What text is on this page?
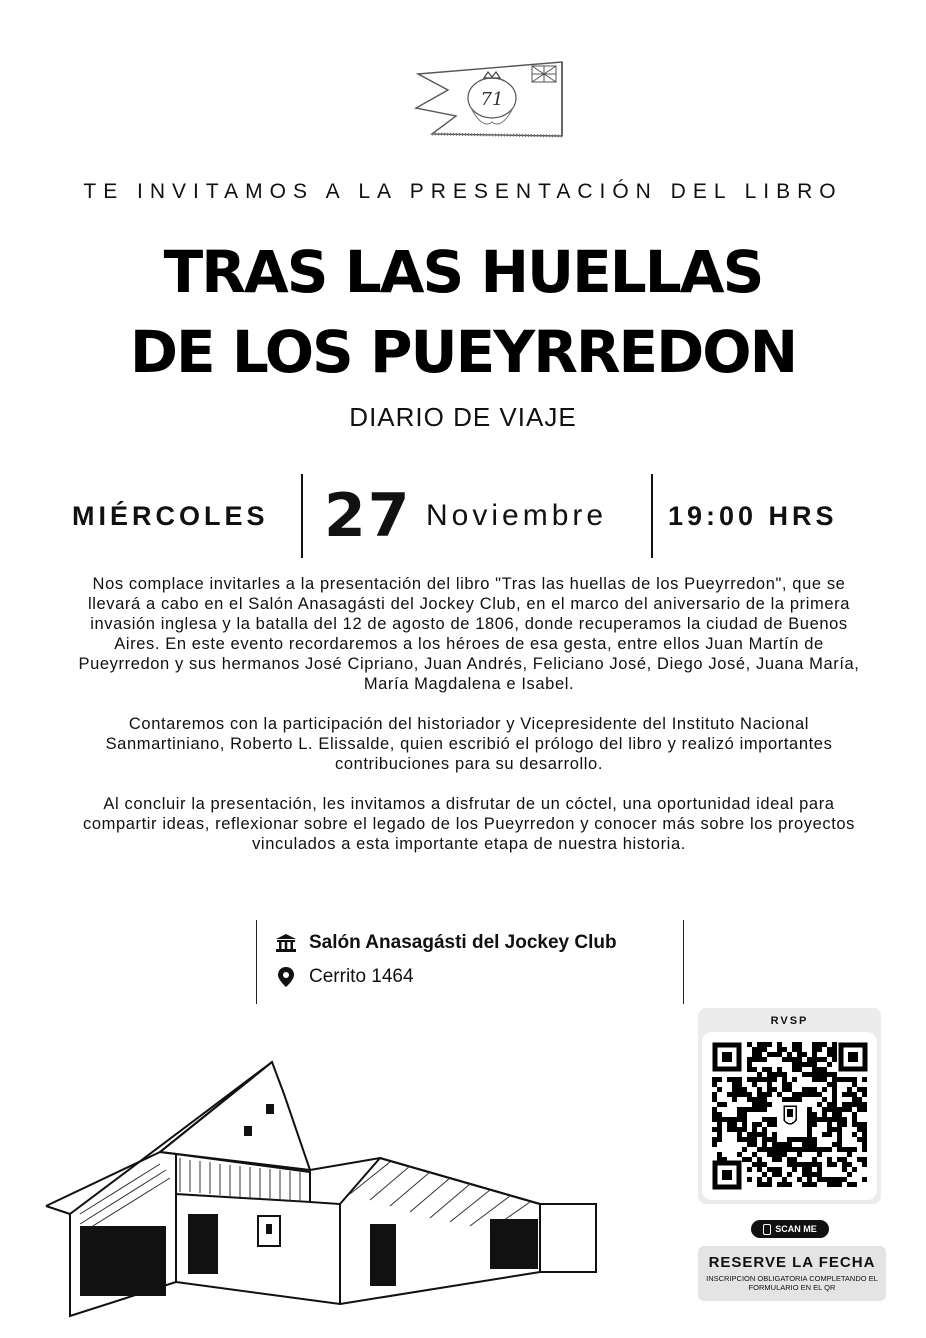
71
TE INVITAMOS A LA PRESENTACIÓN DEL LIBRO
TRAS LAS HUELLAS
DE LOS PUEYRREDON
DIARIO DE VIAJE
MIÉRCOLES 27 Noviembre 19:00 HRS

Nos complace invitarles a la presentación del libro "Tras las huellas de los Pueyrredon", que se llevará a cabo en el Salón Anasagásti del Jockey Club, en el marco del aniversario de la primera invasión inglesa y la batalla del 12 de agosto de 1806, donde recuperamos la ciudad de Buenos Aires. En este evento recordaremos a los héroes de esa gesta, entre ellos Juan Martín de Pueyrredon y sus hermanos José Cipriano, Juan Andrés, Feliciano José, Diego José, Juana María, María Magdalena e Isabel.

Contaremos con la participación del historiador y Vicepresidente del Instituto Nacional Sanmartiniano, Roberto L. Elissalde, quien escribió el prólogo del libro y realizó importantes contribuciones para su desarrollo.

Al concluir la presentación, les invitamos a disfrutar de un cóctel, una oportunidad ideal para compartir ideas, reflexionar sobre el legado de los Pueyrredon y conocer más sobre los proyectos vinculados a esta importante etapa de nuestra historia.

Salón Anasagásti del Jockey Club
Cerrito 1464
RVSP
SCAN ME
RESERVE LA FECHA
INSCRIPCION OBLIGATORIA COMPLETANDO EL FORMULARIO EN EL QR
